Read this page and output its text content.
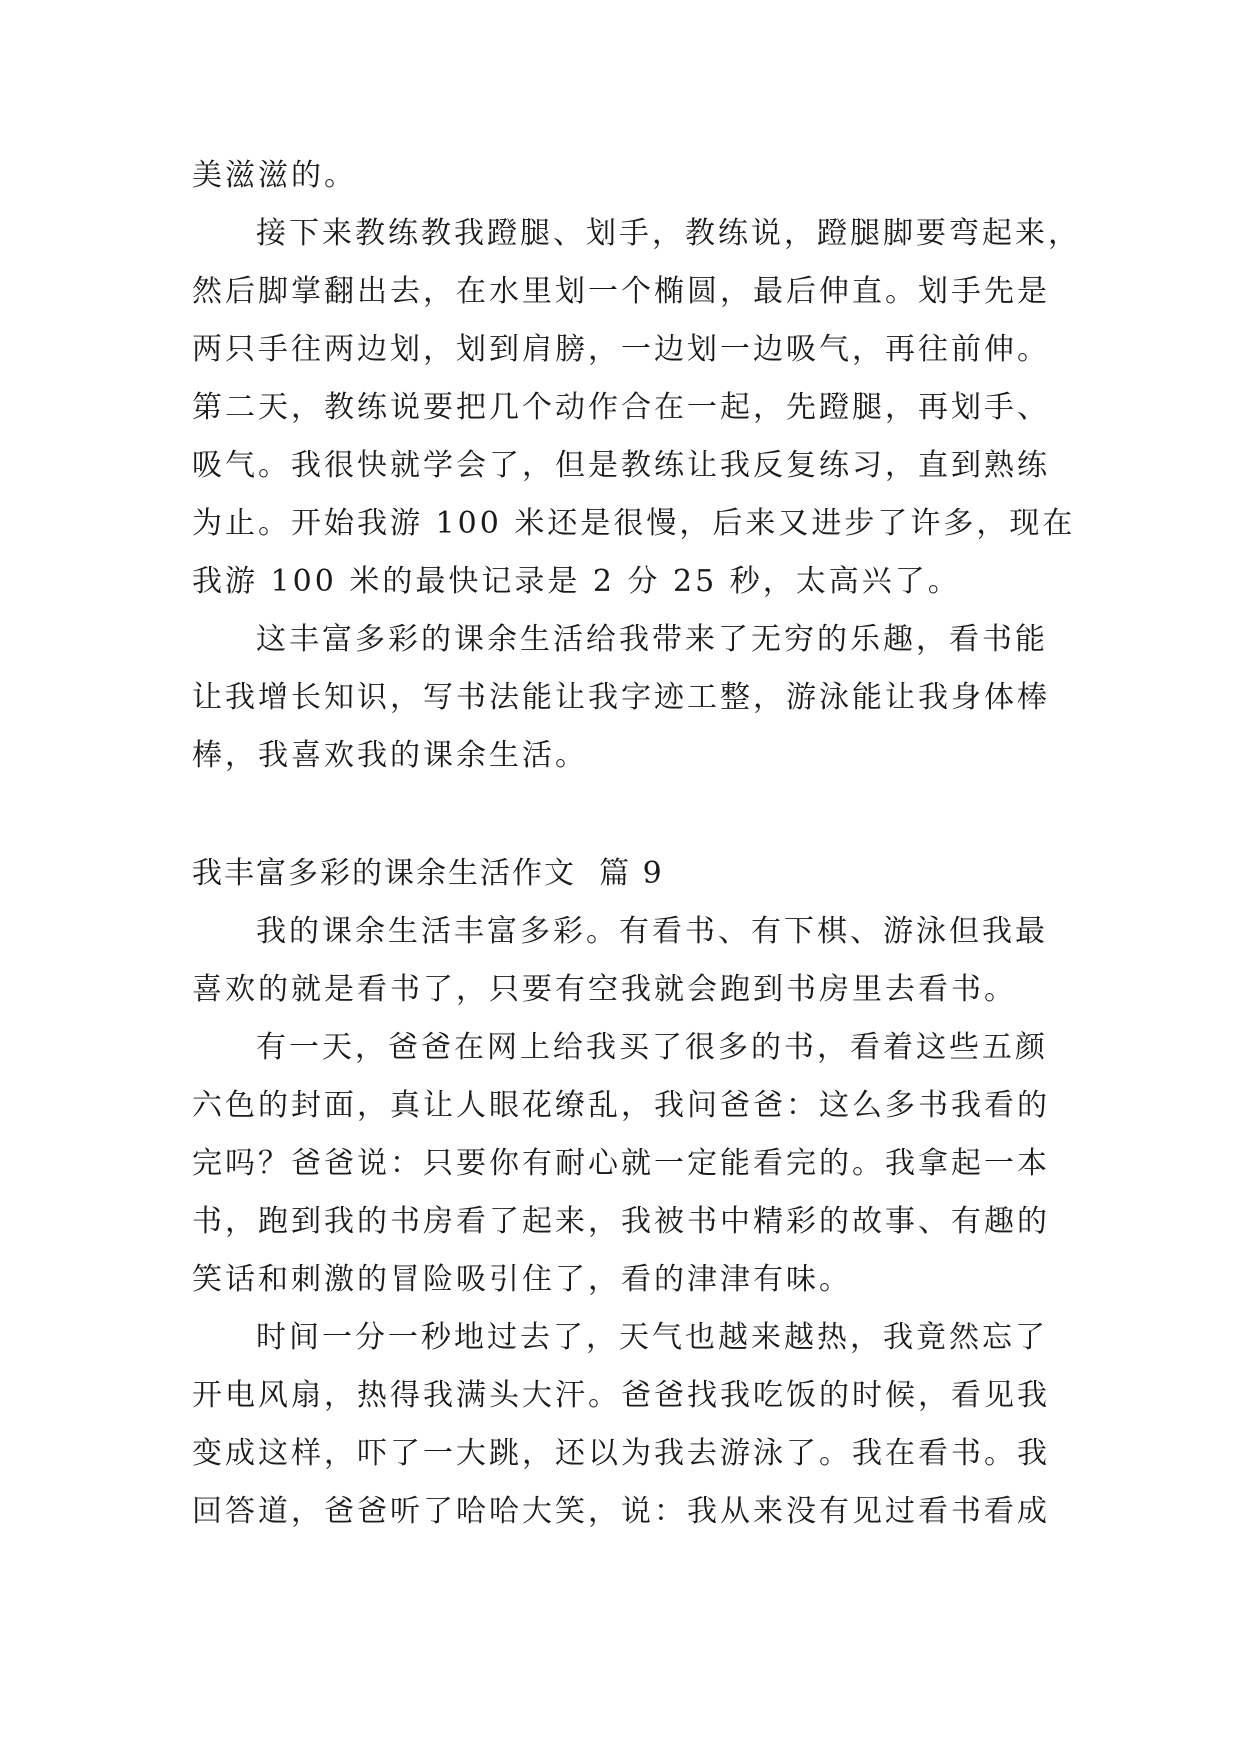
美滋滋的。
接下来教练教我蹬腿、划手，教练说，蹬腿脚要弯起来，
然后脚掌翻出去，在水里划一个椭圆，最后伸直。划手先是
两只手往两边划，划到肩膀，一边划一边吸气，再往前伸。
第二天，教练说要把几个动作合在一起，先蹬腿，再划手、
吸气。我很快就学会了，但是教练让我反复练习，直到熟练
为止。开始我游 100 米还是很慢，后来又进步了许多，现在
我游 100 米的最快记录是 2 分 25 秒，太高兴了。
这丰富多彩的课余生活给我带来了无穷的乐趣，看书能
让我增长知识，写书法能让我字迹工整，游泳能让我身体棒
棒，我喜欢我的课余生活。
我丰富多彩的课余生活作文  篇 9
我的课余生活丰富多彩。有看书、有下棋、游泳但我最
喜欢的就是看书了，只要有空我就会跑到书房里去看书。
有一天，爸爸在网上给我买了很多的书，看着这些五颜
六色的封面，真让人眼花缭乱，我问爸爸：这么多书我看的
完吗？爸爸说：只要你有耐心就一定能看完的。我拿起一本
书，跑到我的书房看了起来，我被书中精彩的故事、有趣的
笑话和刺激的冒险吸引住了，看的津津有味。
时间一分一秒地过去了，天气也越来越热，我竟然忘了
开电风扇，热得我满头大汗。爸爸找我吃饭的时候，看见我
变成这样，吓了一大跳，还以为我去游泳了。我在看书。我
回答道，爸爸听了哈哈大笑，说：我从来没有见过看书看成
